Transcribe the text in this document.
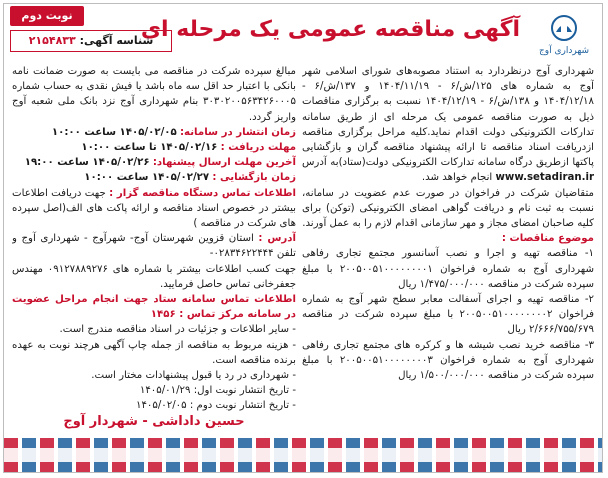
شهرداری آوج
آگهی مناقصه عمومی یک مرحله ای
نوبت دوم
شناسه آگهی: ۲۱۵۴۸۳۳

شهرداری آوج درنظردارد به استناد مصوبه‌های شورای اسلامی شهر آوج به شماره های ۱۲۵/ش/۶ - ۱۴۰۴/۱۱/۱۹ و ۱۳۷/ش/۶ - ۱۴۰۴/۱۲/۱۸ و ۱۳۸/ش/۶ - ۱۴۰۴/۱۲/۱۹ نسبت به برگزاری مناقصات ذیل به صورت مناقصه عمومی یک مرحله ای از طریق سامانه تدارکات الکترونیکی دولت اقدام نماید.کلیه مراحل برگزاری مناقصه ازدریافت اسناد مناقصه تا ارائه پیشنهاد مناقصه گران و بازگشایی پاکتها ازطریق درگاه سامانه تدارکات الکترونیکی دولت(ستاد)به آدرس www.setadiran.ir انجام خواهد شد.

متقاضیان شرکت در فراخوان در صورت عدم عضویت در سامانه، نسبت به ثبت نام و دریافت گواهی امضای الکترونیکی (توکن) برای کلیه صاحبان امضای مجاز و مهر سازمانی اقدام لازم را به عمل آورند.

موضوع مناقصات :

۱- مناقصه تهیه و اجرا و نصب آسانسور مجتمع تجاری رفاهی شهرداری آوج به شماره فراخوان ۲۰۰۵۰۰۵۱۰۰۰۰۰۰۰۰۱ با مبلغ سپرده شرکت در مناقصه ۱/۴۷۵/۰۰۰/۰۰۰ ریال

۲- مناقصه تهیه و اجرای آسفالت معابر سطح شهر آوج به شماره فراخوان ۲۰۰۵۰۰۵۱۰۰۰۰۰۰۰۰۲ با مبلغ سپرده شرکت در مناقصه ۲/۶۶۶/۷۵۵/۶۷۹ ریال

۳- مناقصه خرید نصب شیشه ها و کرکره های مجتمع تجاری رفاهی شهرداری آوج به شماره فراخوان ۲۰۰۵۰۰۵۱۰۰۰۰۰۰۰۰۳ با مبلغ سپرده شرکت در مناقصه ۱/۵۰۰/۰۰۰/۰۰۰ ریال

مبالغ سپرده شرکت در مناقصه می بایست به صورت ضمانت نامه بانکی با اعتبار حد اقل سه ماه باشد یا فیش نقدی به حساب شماره ۳۰۳۰۲۰۰۵۶۳۴۲۶۰۰۰۵ بنام شهرداری آوج نزد بانک ملی شعبه آوج واریز گردد.

زمان انتشار در سامانه: ۱۴۰۵/۰۲/۰۵ ساعت ۱۰:۰۰

مهلت دریافت : ۱۴۰۵/۰۲/۱۶ تا ساعت ۱۰:۰۰

آخرین مهلت ارسال پیشنهاد: ۱۴۰۵/۰۲/۲۶ ساعت ۱۹:۰۰

زمان بازگشایی : ۱۴۰۵/۰۲/۲۷ ساعت ۱۰:۰۰

اطلاعات تماس دستگاه مناقصه گزار : جهت دریافت اطلاعات بیشتر در خصوص اسناد مناقصه و ارائه پاکت های الف(اصل سپرده های شرکت در مناقصه )

آدرس : استان قزوین شهرستان آوج- شهرآوج - شهرداری آوج و تلفن ۰۲۸۳۴۶۲۲۴۴۴-

جهت کسب اطلاعات بیشتر با شماره های ۰۹۱۲۷۸۸۹۲۷۶ مهندس جعفرخانی تماس حاصل فرمایید.

اطلاعات تماس سامانه ستاد جهت انجام مراحل عضویت در سامانه مرکز تماس : ۱۴۵۶

- سایر اطلاعات و جزئیات در اسناد مناقصه مندرج است.

- هزینه مربوط به مناقصه از جمله چاپ آگهی هرچند نوبت به عهده برنده مناقصه است.

- شهرداری در رد یا قبول پیشنهادات مختار است.

- تاریخ انتشار نوبت اول: ۱۴۰۵/۰۱/۲۹

- تاریخ انتشار نوبت دوم : ۱۴۰۵/۰۲/۰۵

حسین داداشی - شهردار آوج
